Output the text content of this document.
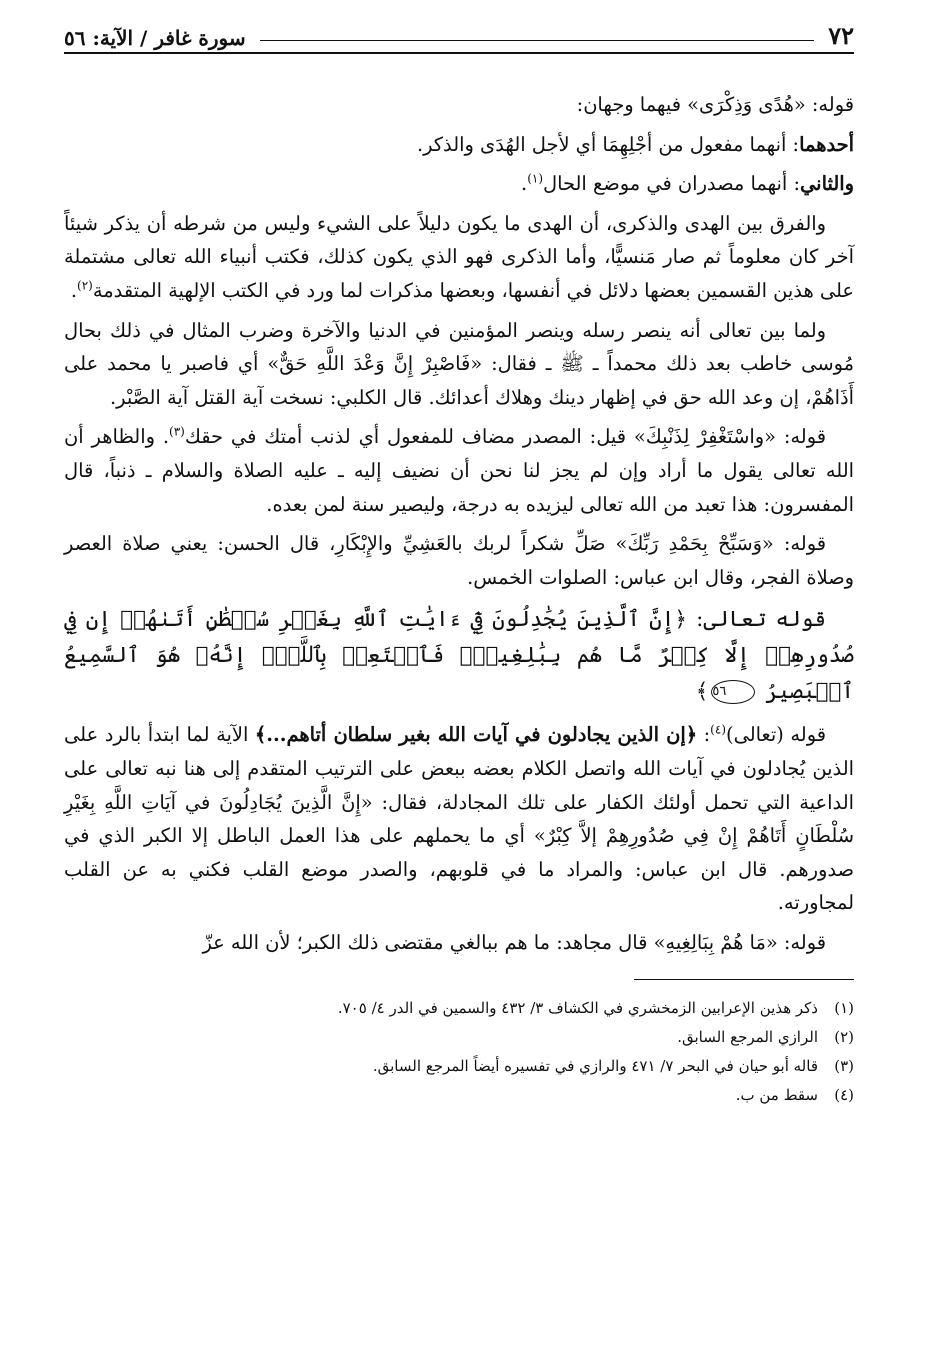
٧٢
سورة غافر / الآية: ٥٦

قوله: «هُدًى وَذِكْرَى» فيهما وجهان:

أحدهما: أنهما مفعول من أجْلِهِمَا أي لأجل الهُدَى والذكر.

والثاني: أنهما مصدران في موضع الحال$^{(١)}$.

والفرق بين الهدى والذكرى، أن الهدى ما يكون دليلاً على الشيء وليس من شرطه أن يذكر شيئاً آخر كان معلوماً ثم صار مَنسيًّا، وأما الذكرى فهو الذي يكون كذلك، فكتب أنبياء الله تعالى مشتملة على هذين القسمين بعضها دلائل في أنفسها، وبعضها مذكرات لما ورد في الكتب الإلهية المتقدمة$^{(٢)}$.

ولما بين تعالى أنه ينصر رسله وينصر المؤمنين في الدنيا والآخرة وضرب المثال في ذلك بحال مُوسى خاطب بعد ذلك محمداً ـ ﷺ ـ فقال: «فَاصْبِرْ إِنَّ وَعْدَ اللَّهِ حَقٌّ» أي فاصبر يا محمد على أَذَاهُمْ، إن وعد الله حق في إظهار دينك وهلاك أعدائك. قال الكلبي: نسخت آية القتل آية الصَّبْر.

قوله: «واسْتَغْفِرْ لِذَنْبِكَ» قيل: المصدر مضاف للمفعول أي لذنب أمتك في حقك$^{(٣)}$. والظاهر أن الله تعالى يقول ما أراد وإن لم يجز لنا نحن أن نضيف إليه ـ عليه الصلاة والسلام ـ ذنباً، قال المفسرون: هذا تعبد من الله تعالى ليزيده به درجة، وليصير سنة لمن بعده.

قوله: «وَسَبِّحْ بِحَمْدِ رَبِّكَ» صَلِّ شكراً لربك بالعَشِيِّ والإِبْكَارِ، قال الحسن: يعني صلاة العصر وصلاة الفجر، وقال ابن عباس: الصلوات الخمس.

قوله تعالى: ﴿إِنَّ ٱلَّذِينَ يُجَٰدِلُونَ فِيٓ ءَايَٰتِ ٱللَّهِ بِغَيۡرِ سُلۡطَٰنٍ أَتَىٰهُمۡ إِن فِي صُدُورِهِمۡ إِلَّا كِبۡرٌ مَّا هُم بِبَٰلِغِيهِۚ فَٱسۡتَعِذۡ بِٱللَّهِۖ إِنَّهُۥ هُوَ ٱلسَّمِيعُ ٱلۡبَصِيرُ ٥٦﴾

قوله (تعالى)$^{(٤)}$: ﴿إن الذين يجادلون في آيات الله بغير سلطان أتاهم...﴾ الآية لما ابتدأ بالرد على الذين يُجادلون في آيات الله واتصل الكلام بعضه ببعض على الترتيب المتقدم إلى هنا نبه تعالى على الداعية التي تحمل أولئك الكفار على تلك المجادلة، فقال: «إِنَّ الَّذِينَ يُجَادِلُونَ في آيَاتِ اللَّهِ بِغَيْرِ سُلْطَانٍ أَتَاهُمْ إِنْ فِي صُدُورِهِمْ إلاَّ كِبْرٌ» أي ما يحملهم على هذا العمل الباطل إلا الكبر الذي في صدورهم. قال ابن عباس: والمراد ما في قلوبهم، والصدر موضع القلب فكني به عن القلب لمجاورته.

قوله: «مَا هُمْ بِبَالِغِيهِ» قال مجاهد: ما هم ببالغي مقتضى ذلك الكبر؛ لأن الله عزّ

(١)
ذكر هذين الإعرابين الزمخشري في الكشاف ٣/ ٤٣٢ والسمين في الدر ٤/ ٧٠٥.
(٢)
الرازي المرجع السابق.
(٣)
قاله أبو حيان في البحر ٧/ ٤٧١ والرازي في تفسيره أيضاً المرجع السابق.
(٤)
سقط من ب.
